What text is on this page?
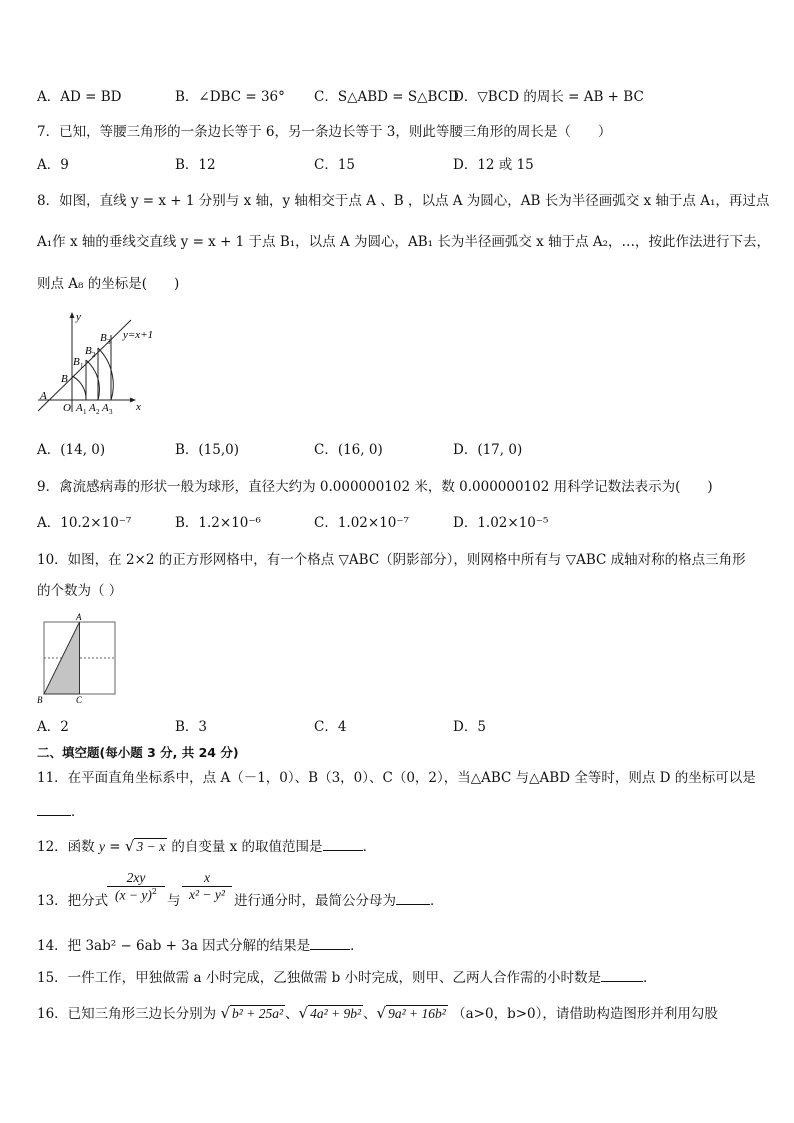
A．AD = BD	B．∠DBC = 36° C．S△ABD = S△BCD
D．▽BCD 的周长 = AB + BC
7．已知，等腰三角形的一条边长等于 6，另一条边长等于 3，则此等腰三角形的周长是（　　）
A．9	B．12	C．15	D．12 或 15
8．如图，直线 y = x + 1 分别与 x 轴，y 轴相交于点 A 、B ，以点 A 为圆心，AB 长为半径画弧交 x 轴于点 A₁，再过点
A₁作 x 轴的垂线交直线 y = x + 1 于点 B₁，以点 A 为圆心，AB₁ 长为半径画弧交 x 轴于点 A₂，…，按此作法进行下去，
则点 A₈ 的坐标是(　　)
y
x
y=x+1
O
A
B
B 1
B 2
B 3
A 1 A 2 A 3
A．(14, 0)	B．(15,0)	C．(16, 0)	D．(17, 0)
9．禽流感病毒的形状一般为球形，直径大约为 0.000000102 米，数 0.000000102 用科学记数法表示为(　　)
A．10.2×10⁻⁷	B．1.2×10⁻⁶	C．1.02×10⁻⁷	D．1.02×10⁻⁵
10．如图，在 2×2 的正方形网格中，有一个格点 ▽ABC（阴影部分），则网格中所有与 ▽ABC 成轴对称的格点三角形
的个数为（ ）
A
B	C
A．2	B．3	C．4	D．5
二、填空题(每小题 3 分, 共 24 分)
11．在平面直角坐标系中，点 A（－1，0）、B（3，0）、C（0，2），当△ABC 与△ABD 全等时，则点 D 的坐标可以是
．
12．函数 y = √ 3 − x 的自变量 x 的取值范围是	．
13．把分式
2xy
$(x - y)^2$
与 $\frac{x}{\text{x² − y²}}$ 进行通分时，最简公分母为	．
14．把 3ab² − 6ab + 3a 因式分解的结果是	．
15．一件工作，甲独做需 a 小时完成，乙独做需 b 小时完成，则甲、乙两人合作需的小时数是	.
16．已知三角形三边长分别为 √ b² + 25a² 、√ 4a² + 9b² 、√ 9a² + 16b² （a>0，b>0），请借助构造图形并利用勾股
